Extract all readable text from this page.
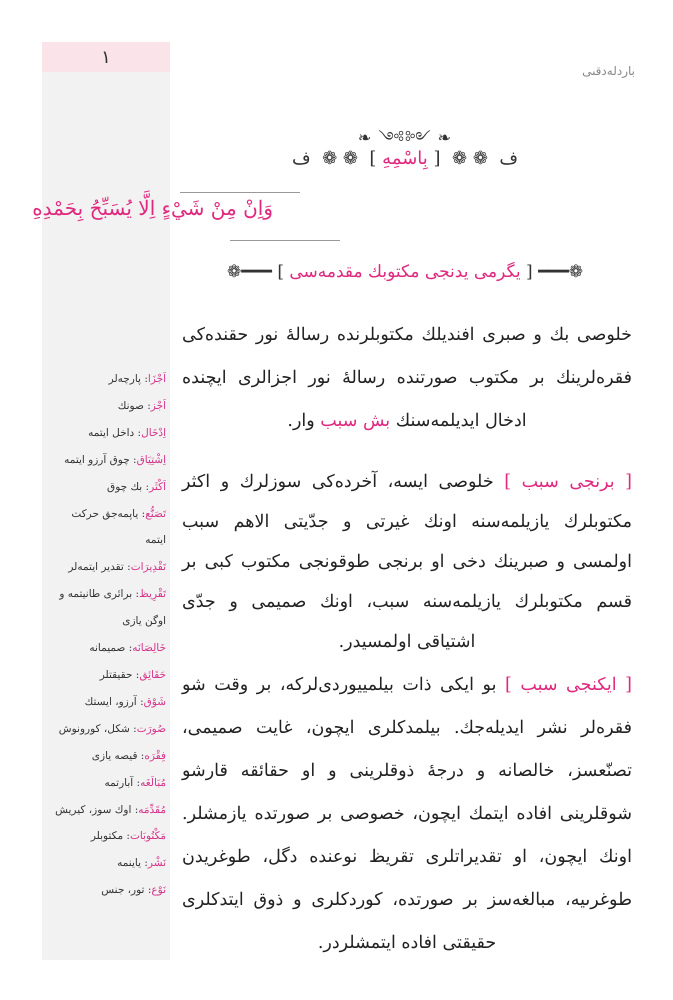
١
باردلەدقىى
❧ ༺༻ ❧
ف  ❁ ❁  [ بِاسْمِهِ ]  ❁ ❁  ف
وَاِنْ مِنْ شَيْءٍ اِلَّا يُسَبِّحُ بِحَمْدِهِ
❁━━━ [ يگرمى يدنجى مكتوبك مقدمه‌سى ] ━━━❁
خلوصى بك و صبرى افنديلك مكتوبلرنده رسالهٔ نور حقنده‌كى فقره‌لرينك بر مكتوب صورتنده رسالهٔ نور اجزالرى ايچنده ادخال ايديلمه‌سنك بش سبب وار.
[ برنجى سبب ] خلوصى ايسه، آخرده‌كى سوزلرك و اكثر مكتوبلرك يازيلمه‌سنه اونك غيرتى و جدّيتى الاهم سبب اولمسى و صبرينك دخى او برنجى طوقونجى مكتوب كبى بر قسم مكتوبلرك يازيلمه‌سنه سبب، اونك صميمى و جدّى اشتياقى اولمسيدر.
[ ايكنجى سبب ] بو ايكى ذات بيلمييوردى‌لركه، بر وقت شو فقره‌لر نشر ايديله‌جك. بيلمدكلرى ايچون، غايت صميمى، تصنّعسز، خالصانه و درجهٔ ذوقلرينى و او حقائقه قارشو شوقلرينى افاده ايتمك ايچون، خصوصى بر صورتده يازمشلر. اونك ايچون، او تقديراتلرى تقريظ نوعنده دگل، طوغريدن طوغرىيه، مبالغه‌سز بر صورتده، كوردكلرى و ذوق ايتدكلرى حقيقتى افاده ايتمشلردر.
اَجْزَا: پارچه‌لر
اَجْز: صونك
اِدْخَال: داخل ايتمه
اِشْتِيَاق: چوق آرزو ايتمه
اَكْثَر: بك چوق
تَصَنُّع: ياپمه‌جق حركت ايتمه
تَقْدِيرَات: تقدير ايتمه‌لر
تَقْرِيظ: برائرى طانيتمه و اوگن يازى
خَالِصَانَه: صميمانه
حَقَائِق: حقيقتلر
شَوْق: آرزو، ايستك
صُورَت: شكل، كورونوش
فِقْرَه: قيصه يازى
مُبَالَغَه: آبارتمه
مُقَدِّمَه: اوك سوز، كيريش
مَكْتُوبَات: مكتوبلر
نَشْر: ياينمه
نَوْع: تور، جنس
